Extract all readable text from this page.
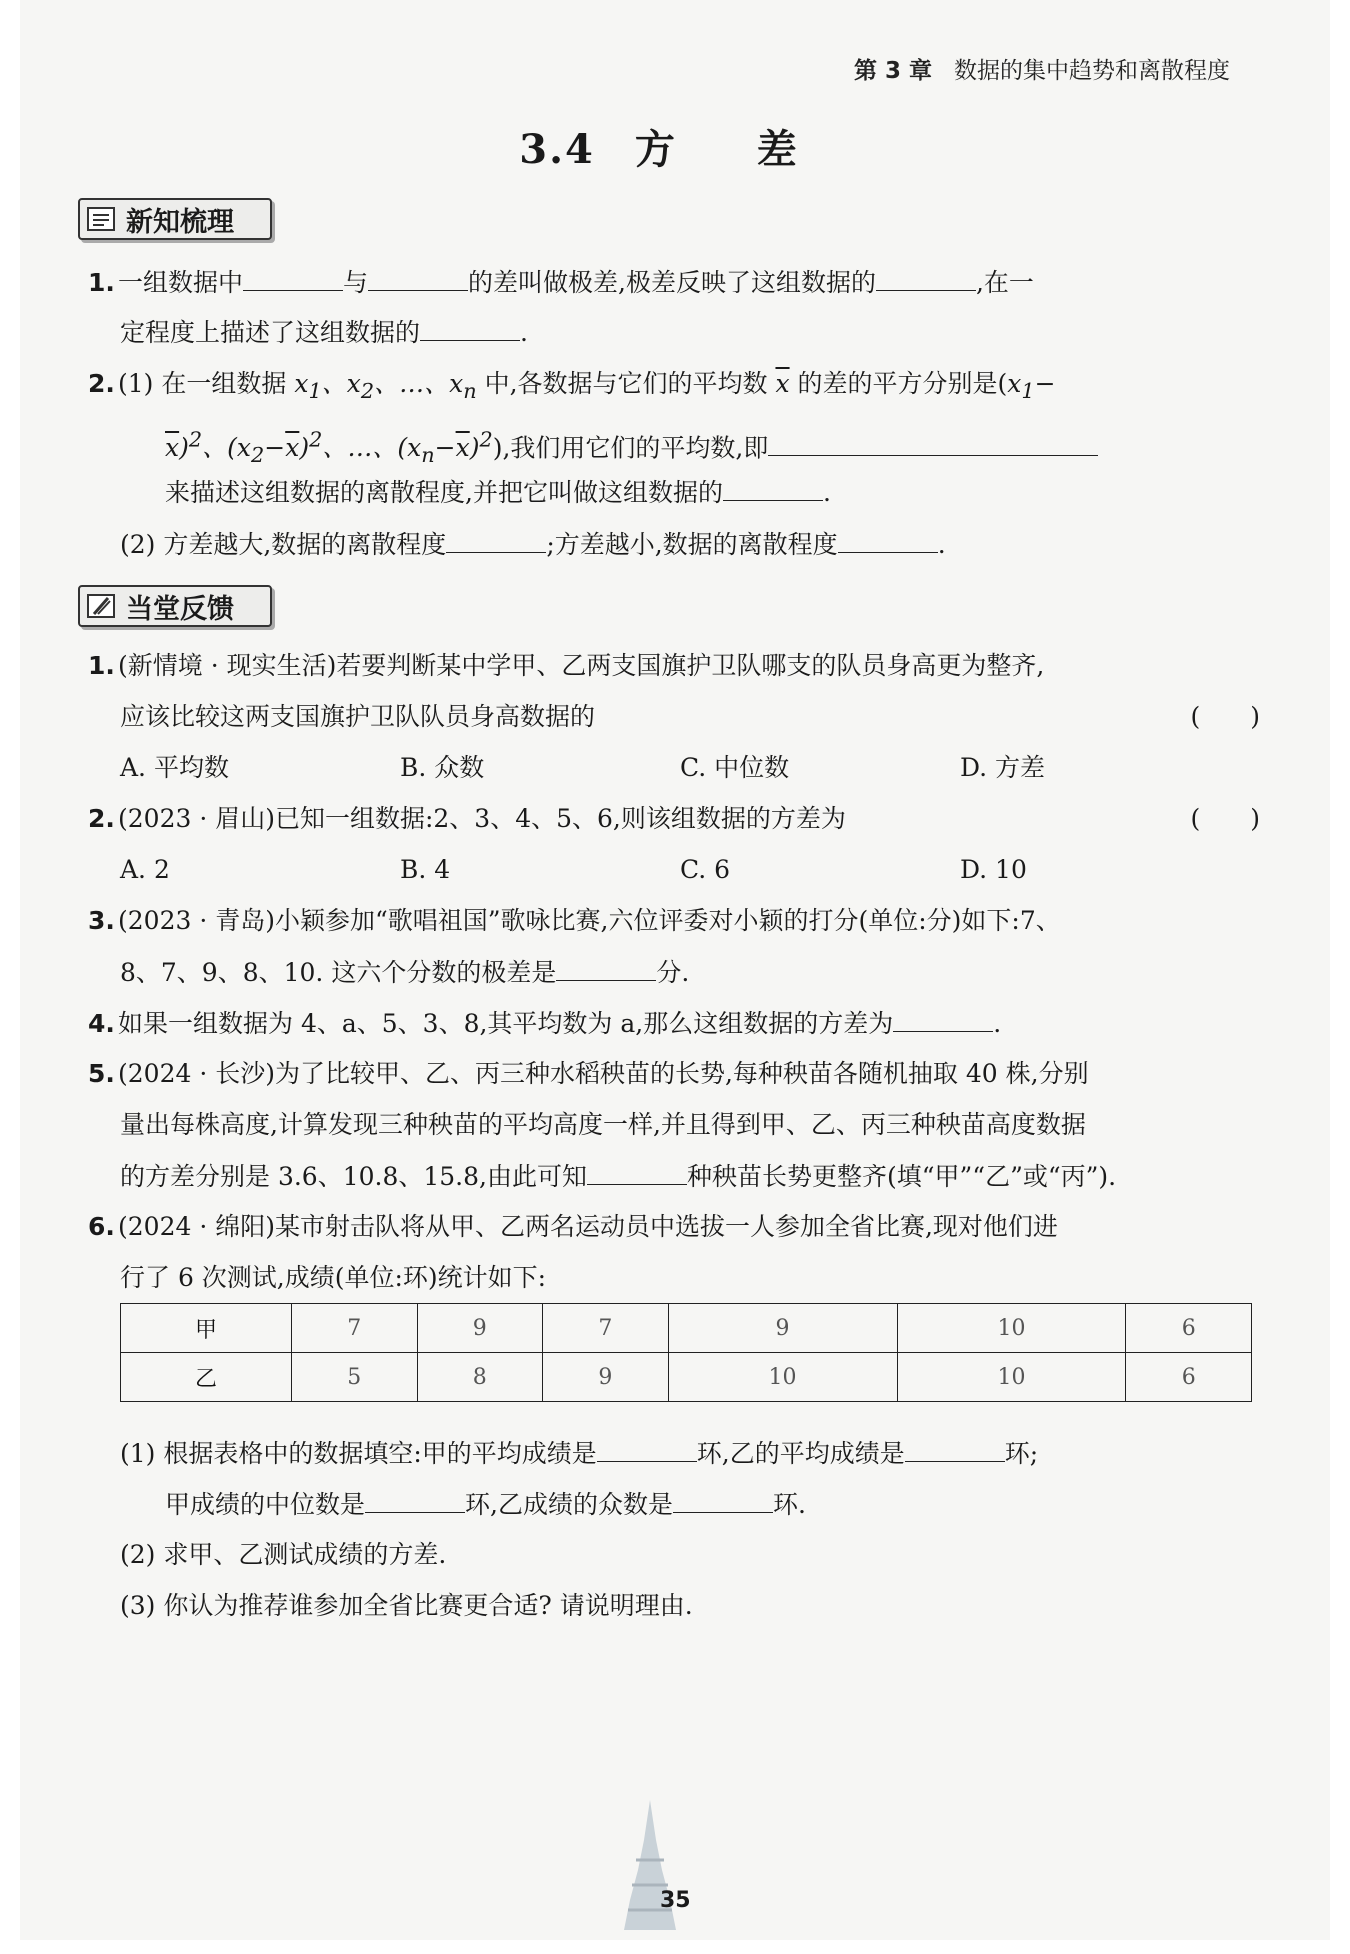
第 3 章 数据的集中趋势和离散程度
3.4 方 差
新知梳理
1. 一组数据中	与	的差叫做极差,极差反映了这组数据的	,在一
定程度上描述了这组数据的	.
2. (1) 在一组数据 $x_1$、$x_2$、…、$x_n$ 中,各数据与它们的平均数 $\overline{x}$ 的差的平方分别是($x_1-$
$\overline{x})^2$、$(x_2-\overline{x})^2$、…、$(x_n-\overline{x})^2$),我们用它们的平均数,即
来描述这组数据的离散程度,并把它叫做这组数据的	.
(2) 方差越大,数据的离散程度	;方差越小,数据的离散程度	.
当堂反馈
1. (新情境 · 现实生活)若要判断某中学甲、乙两支国旗护卫队哪支的队员身高更为整齐,
应该比较这两支国旗护卫队队员身高数据的	(　　)
A. 平均数	B. 众数	C. 中位数	D. 方差
2. (2023 · 眉山)已知一组数据:2、3、4、5、6,则该组数据的方差为	(　　)
A. 2	B. 4	C. 6	D. 10
3. (2023 · 青岛)小颖参加“歌唱祖国”歌咏比赛,六位评委对小颖的打分(单位:分)如下:7、
8、7、9、8、10. 这六个分数的极差是	分.
4. 如果一组数据为 4、a、5、3、8,其平均数为 a,那么这组数据的方差为	.
5. (2024 · 长沙)为了比较甲、乙、丙三种水稻秧苗的长势,每种秧苗各随机抽取 40 株,分别
量出每株高度,计算发现三种秧苗的平均高度一样,并且得到甲、乙、丙三种秧苗高度数据
的方差分别是 3.6、10.8、15.8,由此可知	种秧苗长势更整齐(填“甲”“乙”或“丙”).
6. (2024 · 绵阳)某市射击队将从甲、乙两名运动员中选拔一人参加全省比赛,现对他们进
行了 6 次测试,成绩(单位:环)统计如下:
甲	7	9	7	9	10	6
乙	5	8	9	10	10	6
(1) 根据表格中的数据填空:甲的平均成绩是	环,乙的平均成绩是	环;
甲成绩的中位数是	环,乙成绩的众数是	环.
(2) 求甲、乙测试成绩的方差.
(3) 你认为推荐谁参加全省比赛更合适? 请说明理由.
35
